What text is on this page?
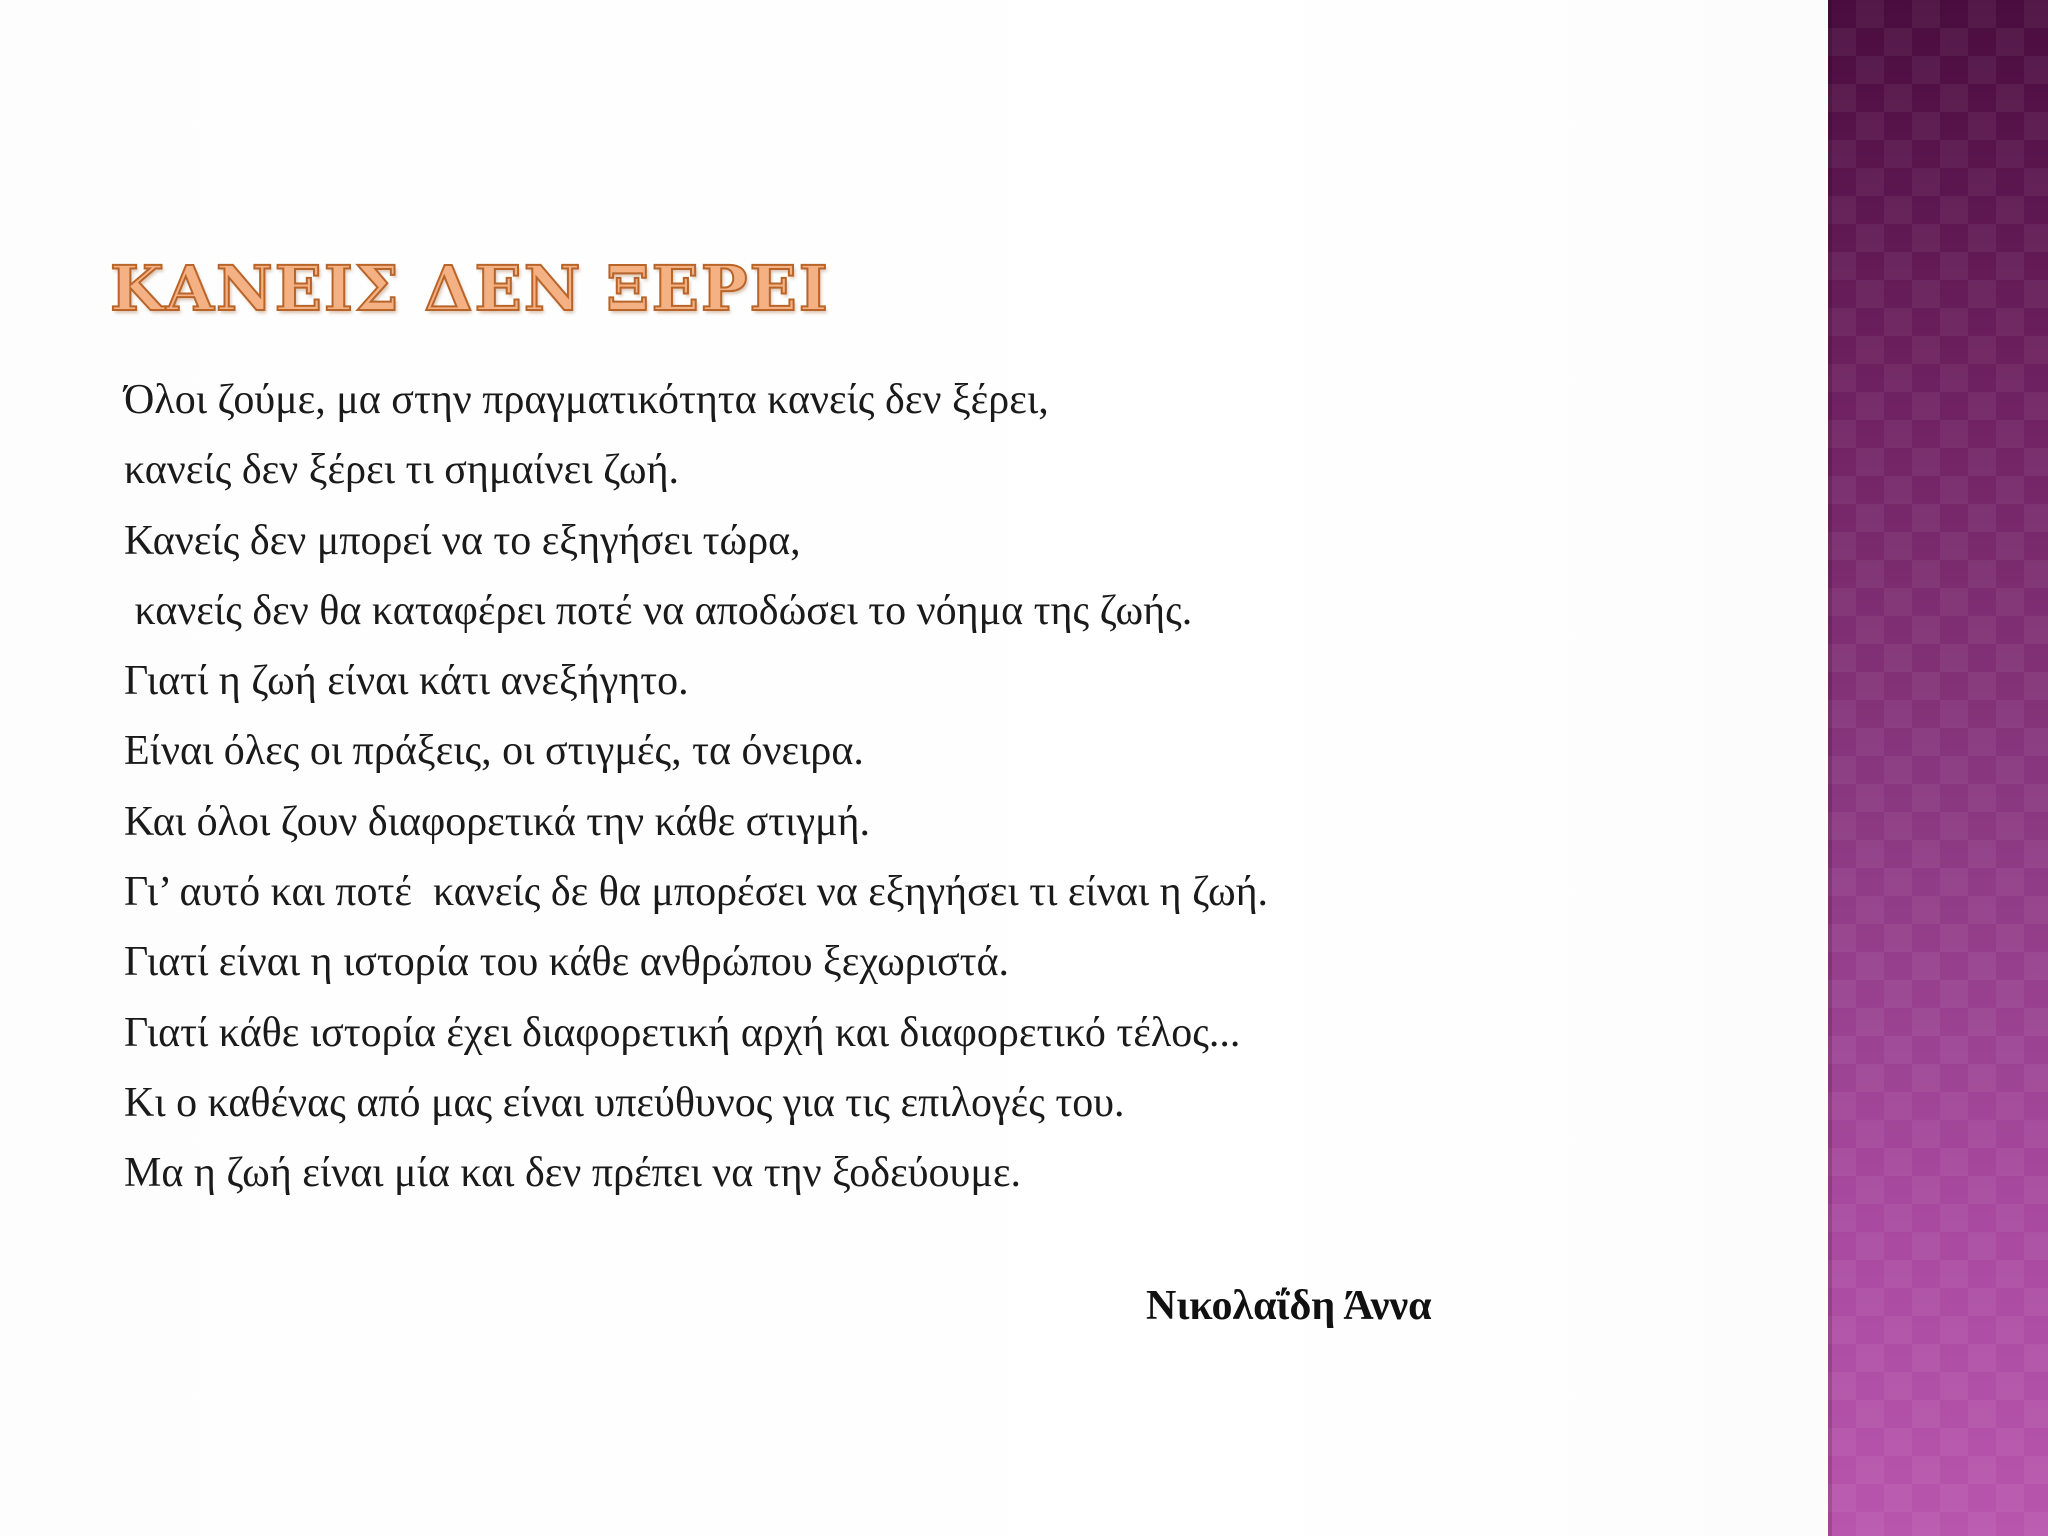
ΚΑΝΕΙΣ ΔΕΝ ΞΕΡΕΙ
Όλοι ζούμε, μα στην πραγματικότητα κανείς δεν ξέρει,
κανείς δεν ξέρει τι σημαίνει ζωή.
Κανείς δεν μπορεί να το εξηγήσει τώρα,
κανείς δεν θα καταφέρει ποτέ να αποδώσει το νόημα της ζωής.
Γιατί η ζωή είναι κάτι ανεξήγητο.
Είναι όλες οι πράξεις, οι στιγμές, τα όνειρα.
Και όλοι ζουν διαφορετικά την κάθε στιγμή.
Γι’ αυτό και ποτέ  κανείς δε θα μπορέσει να εξηγήσει τι είναι η ζωή.
Γιατί είναι η ιστορία του κάθε ανθρώπου ξεχωριστά.
Γιατί κάθε ιστορία έχει διαφορετική αρχή και διαφορετικό τέλος...
Κι ο καθένας από μας είναι υπεύθυνος για τις επιλογές του.
Μα η ζωή είναι μία και δεν πρέπει να την ξοδεύουμε.

Νικολαΐδη Άννα
